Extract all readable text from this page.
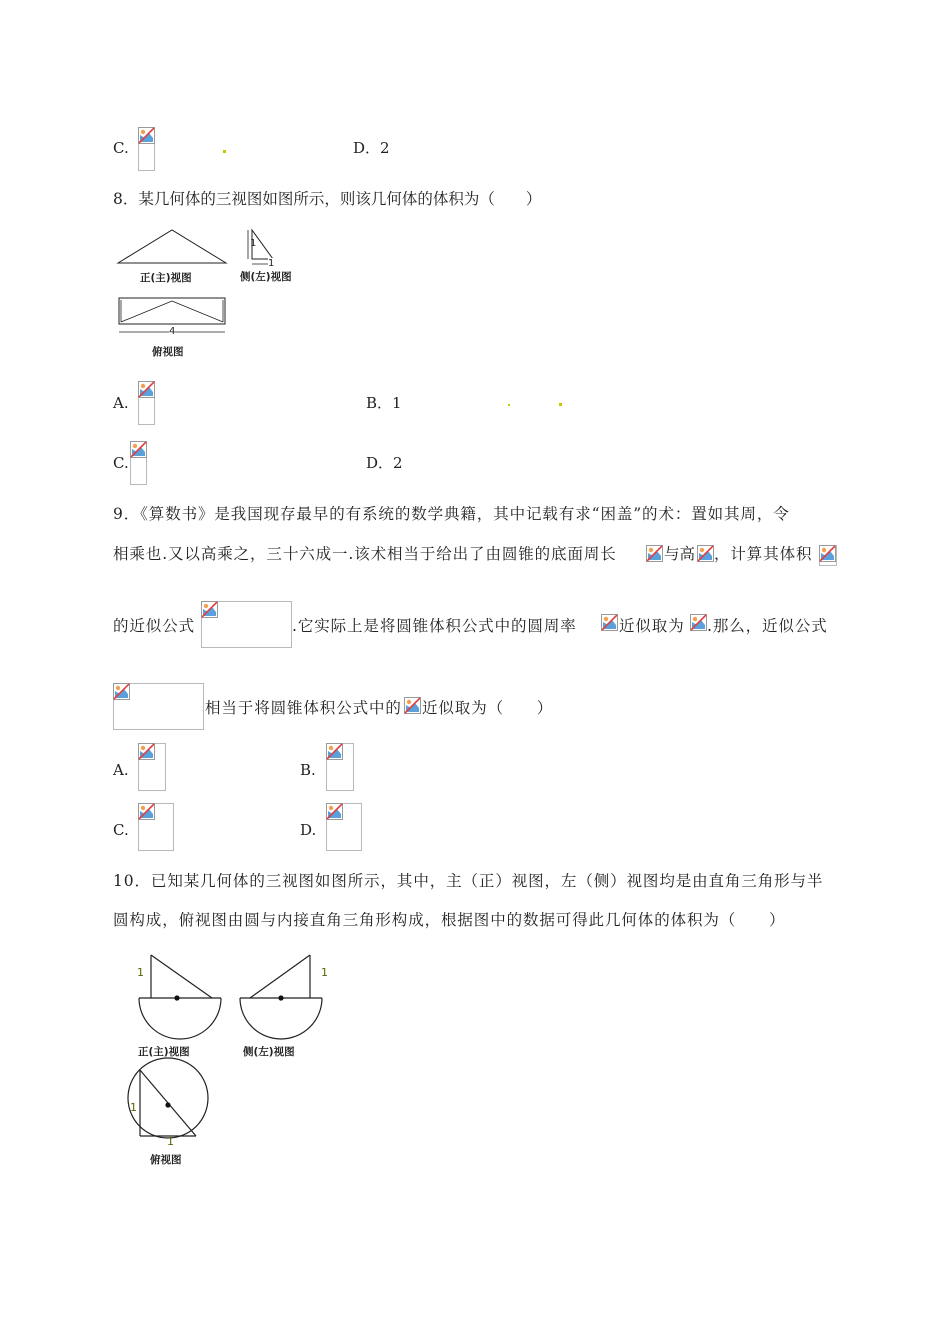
C.	D．2
8．某几何体的三视图如图所示，则该几何体的体积为（　　）
正(主)视图	侧(左)视图
俯视图
1
1
4
A.	B．1
C.	D．2
9．《算数书》是我国现存最早的有系统的数学典籍，其中记载有求“困盖”的术：置如其周，令
相乘也.又以高乘之，三十六成一.该术相当于给出了由圆锥的底面周长	与高 ，计算其体积
的近似公式	.它实际上是将圆锥体积公式中的圆周率	近似取为 .那么，近似公式
相当于将圆锥体积公式中的 近似取为（　　）
A.	B.
C.	D.
10．已知某几何体的三视图如图所示，其中，主（正）视图，左（侧）视图均是由直角三角形与半
圆构成，俯视图由圆与内接直角三角形构成，根据图中的数据可得此几何体的体积为（　　）
1	1
1
1
正(主)视图	侧(左)视图
俯视图
